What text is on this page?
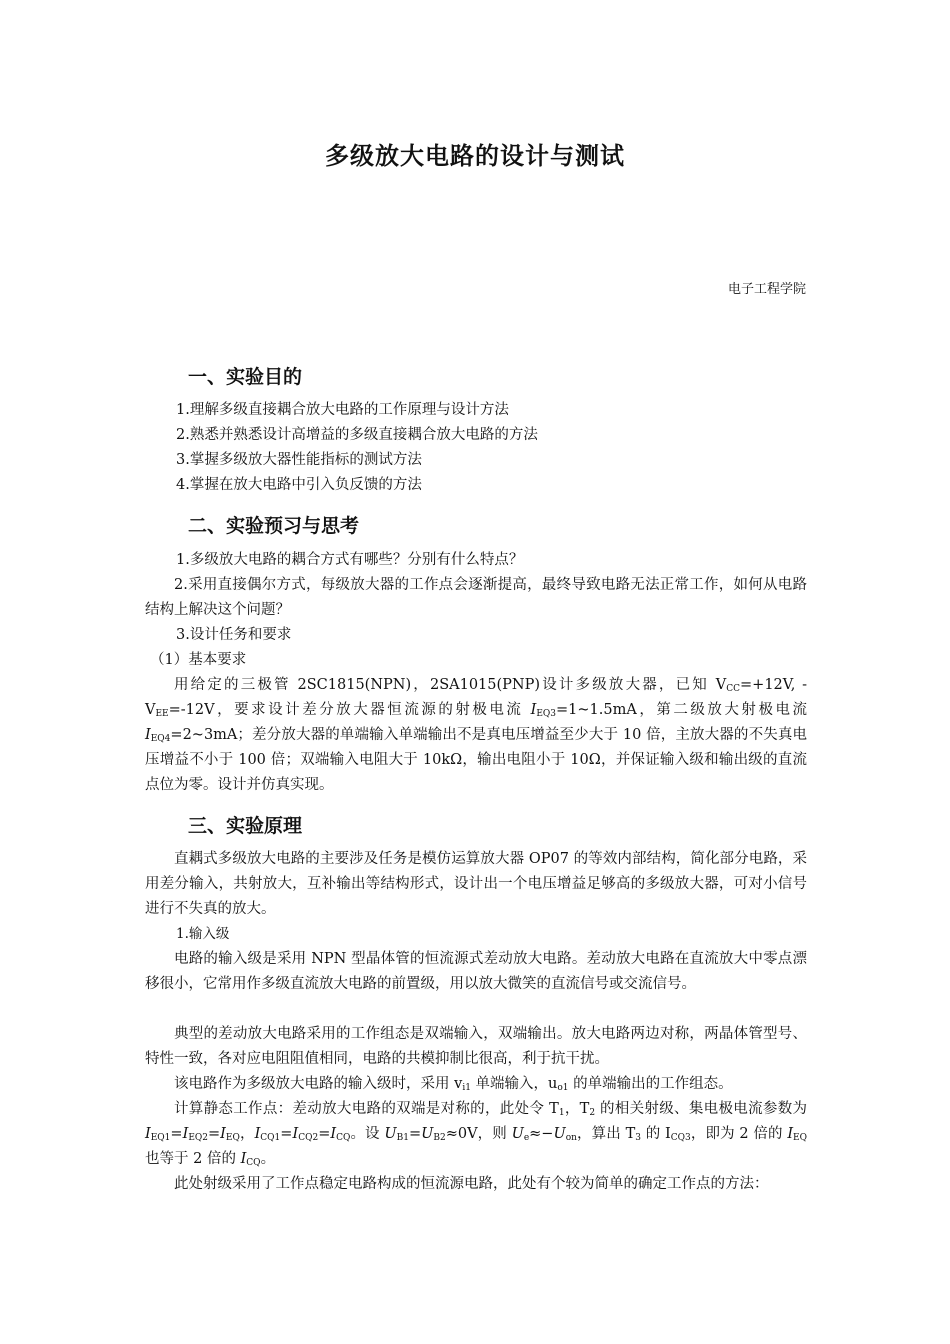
多级放大电路的设计与测试
电子工程学院
一、实验目的
1.理解多级直接耦合放大电路的工作原理与设计方法
2.熟悉并熟悉设计高增益的多级直接耦合放大电路的方法
3.掌握多级放大器性能指标的测试方法
4.掌握在放大电路中引入负反馈的方法
二、实验预习与思考
1.多级放大电路的耦合方式有哪些？分别有什么特点？
2.采用直接偶尔方式，每级放大器的工作点会逐渐提高，最终导致电路无法正常工作，如何从电路结构上解决这个问题？
3.设计任务和要求
（1）基本要求
用给定的三极管 2SC1815(NPN)，2SA1015(PNP)设计多级放大器，已知 $V_{CC}=+12V$, $-V_{EE}=-12V$，要求设计差分放大器恒流源的射极电流 $I_{EQ3}=1\sim 1.5mA$，第二级放大射极电流 $I_{EQ4}=2\sim 3mA$；差分放大器的单端输入单端输出不是真电压增益至少大于 10 倍，主放大器的不失真电压增益不小于 100 倍；双端输入电阻大于 10kΩ，输出电阻小于 10Ω，并保证输入级和输出级的直流点位为零。设计并仿真实现。
三、实验原理
直耦式多级放大电路的主要涉及任务是模仿运算放大器 OP07 的等效内部结构，简化部分电路，采用差分输入，共射放大，互补输出等结构形式，设计出一个电压增益足够高的多级放大器，可对小信号进行不失真的放大。
1.输入级
电路的输入级是采用 NPN 型晶体管的恒流源式差动放大电路。差动放大电路在直流放大中零点漂移很小，它常用作多级直流放大电路的前置级，用以放大微笑的直流信号或交流信号。
典型的差动放大电路采用的工作组态是双端输入，双端输出。放大电路两边对称，两晶体管型号、特性一致，各对应电阻阻值相同，电路的共模抑制比很高，利于抗干扰。
该电路作为多级放大电路的输入级时，采用 $v_{i1}$ 单端输入，$u_{o1}$ 的单端输出的工作组态。
计算静态工作点：差动放大电路的双端是对称的，此处令 $T_1$，$T_2$ 的相关射级、集电极电流参数为 $I_{EQ1}=I_{EQ2}=I_{EQ}$，$I_{CQ1}=I_{CQ2}=I_{CQ}$。设 $U_{B1}=U_{B2}\approx 0V$，则 $U_e\approx-U_{on}$，算出 $T_3$ 的 $I_{CQ3}$，即为 2 倍的 $I_{EQ}$ 也等于 2 倍的 $I_{CQ}$。
此处射级采用了工作点稳定电路构成的恒流源电路，此处有个较为简单的确定工作点的方法：
